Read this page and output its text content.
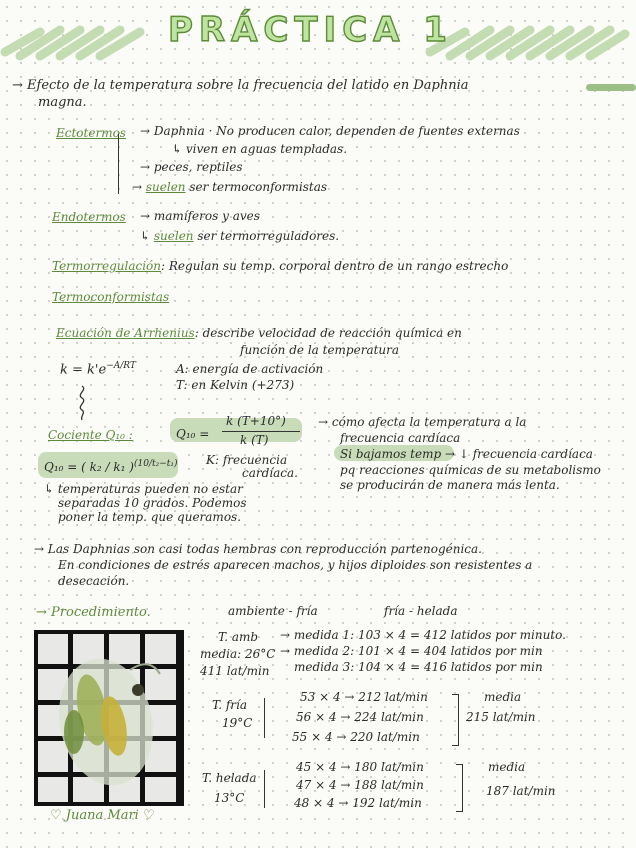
PRÁCTICA 1
→ Efecto de la temperatura sobre la frecuencia del latido en Daphnia
magna.
Ectotermos → Daphnia · No producen calor, dependen de fuentes externas
↳ viven en aguas templadas.
→ peces, reptiles
→ suelen ser termoconformistas
Endotermos → mamíferos y aves
↳ suelen ser termorreguladores.
Termorregulación: Regulan su temp. corporal dentro de un rango estrecho
Termoconformistas
Ecuación de Arrhenius: describe velocidad de reacción química en
función de la temperatura
$k = k'e^{-A/RT}$	A: energía de activación
T: en Kelvin (+273)
Cociente Q₁₀ :	Q₁₀ =
k (T+10°)
k (T)
→ cómo afecta la temperatura a la
frecuencia cardíaca
Si bajamos temp → ↓ frecuencia cardíaca
pq reacciones químicas de su metabolismo
se producirán de manera más lenta.
Q₁₀ = ( k₂ / k₁ )$^{(10/t_2-t_1)}$ K: frecuencia
cardíaca.
↳ temperaturas pueden no estar
separadas 10 grados. Podemos
poner la temp. que queramos.
→ Las Daphnias son casi todas hembras con reproducción partenogénica.
En condiciones de estrés aparecen machos, y hijos diploides son resistentes a
desecación.
→ Procedimiento.	ambiente - fría	fría - helada
T. amb → medida 1: 103 × 4 = 412 latidos por minuto.
media: 26°C → medida 2: 101 × 4 = 404 latidos por min
411 lat/min medida 3: 104 × 4 = 416 latidos por min
T. fría
19°C
53 × 4 → 212 lat/min
56 × 4 → 224 lat/min
55 × 4 → 220 lat/min
media
215 lat/min
T. helada
13°C
45 × 4 → 180 lat/min
47 × 4 → 188 lat/min
48 × 4 → 192 lat/min
media
187 lat/min
♡ Juana Mari ♡
